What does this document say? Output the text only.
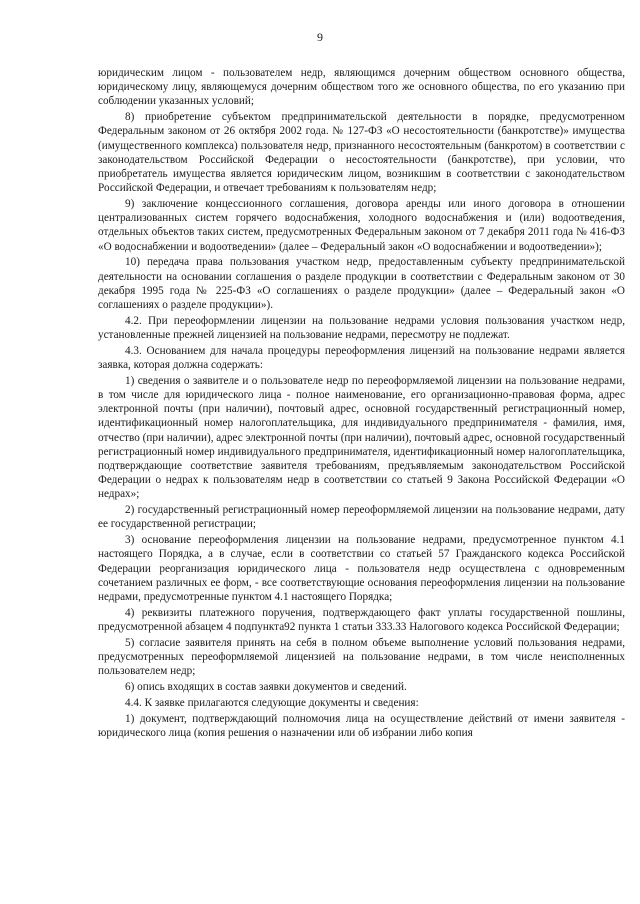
9

юридическим лицом - пользователем недр, являющимся дочерним обществом основного общества, юридическому лицу, являющемуся дочерним обществом того же основного общества, по его указанию при соблюдении указанных условий;

8) приобретение субъектом предпринимательской деятельности в порядке, предусмотренном Федеральным законом от 26 октября 2002 года. № 127-ФЗ «О несостоятельности (банкротстве)» имущества (имущественного комплекса) пользователя недр, признанного несостоятельным (банкротом) в соответствии с законодательством Российской Федерации о несостоятельности (банкротстве), при условии, что приобретатель имущества является юридическим лицом, возникшим в соответствии с законодательством Российской Федерации, и отвечает требованиям к пользователям недр;

9) заключение концессионного соглашения, договора аренды или иного договора в отношении централизованных систем горячего водоснабжения, холодного водоснабжения и (или) водоотведения, отдельных объектов таких систем, предусмотренных Федеральным законом от 7 декабря 2011 года № 416-ФЗ «О водоснабжении и водоотведении» (далее – Федеральный закон «О водоснабжении и водоотведении»);

10) передача права пользования участком недр, предоставленным субъекту предпринимательской деятельности на основании соглашения о разделе продукции в соответствии с Федеральным законом от 30 декабря 1995 года № 225-ФЗ «О соглашениях о разделе продукции» (далее – Федеральный закон «О соглашениях о разделе продукции»).

4.2. При переоформлении лицензии на пользование недрами условия пользования участком недр, установленные прежней лицензией на пользование недрами, пересмотру не подлежат.

4.3. Основанием для начала процедуры переоформления лицензий на пользование недрами является заявка, которая должна содержать:

1) сведения о заявителе и о пользователе недр по переоформляемой лицензии на пользование недрами, в том числе для юридического лица - полное наименование, его организационно-правовая форма, адрес электронной почты (при наличии), почтовый адрес, основной государственный регистрационный номер, идентификационный номер налогоплательщика, для индивидуального предпринимателя - фамилия, имя, отчество (при наличии), адрес электронной почты (при наличии), почтовый адрес, основной государственный регистрационный номер индивидуального предпринимателя, идентификационный номер налогоплательщика, подтверждающие соответствие заявителя требованиям, предъявляемым законодательством Российской Федерации о недрах к пользователям недр в соответствии со статьей 9 Закона Российской Федерации «О недрах»;

2) государственный регистрационный номер переоформляемой лицензии на пользование недрами, дату ее государственной регистрации;

3) основание переоформления лицензии на пользование недрами, предусмотренное пунктом 4.1 настоящего Порядка, а в случае, если в соответствии со статьей 57 Гражданского кодекса Российской Федерации реорганизация юридического лица - пользователя недр осуществлена с одновременным сочетанием различных ее форм, - все соответствующие основания переоформления лицензии на пользование недрами, предусмотренные пунктом 4.1 настоящего Порядка;

4) реквизиты платежного поручения, подтверждающего факт уплаты государственной пошлины, предусмотренной абзацем 4 подпункта92 пункта 1 статьи 333.33 Налогового кодекса Российской Федерации;

5) согласие заявителя принять на себя в полном объеме выполнение условий пользования недрами, предусмотренных переоформляемой лицензией на пользование недрами, в том числе неисполненных пользователем недр;

6) опись входящих в состав заявки документов и сведений.

4.4. К заявке прилагаются следующие документы и сведения:

1) документ, подтверждающий полномочия лица на осуществление действий от имени заявителя - юридического лица (копия решения о назначении или об избрании либо копия
